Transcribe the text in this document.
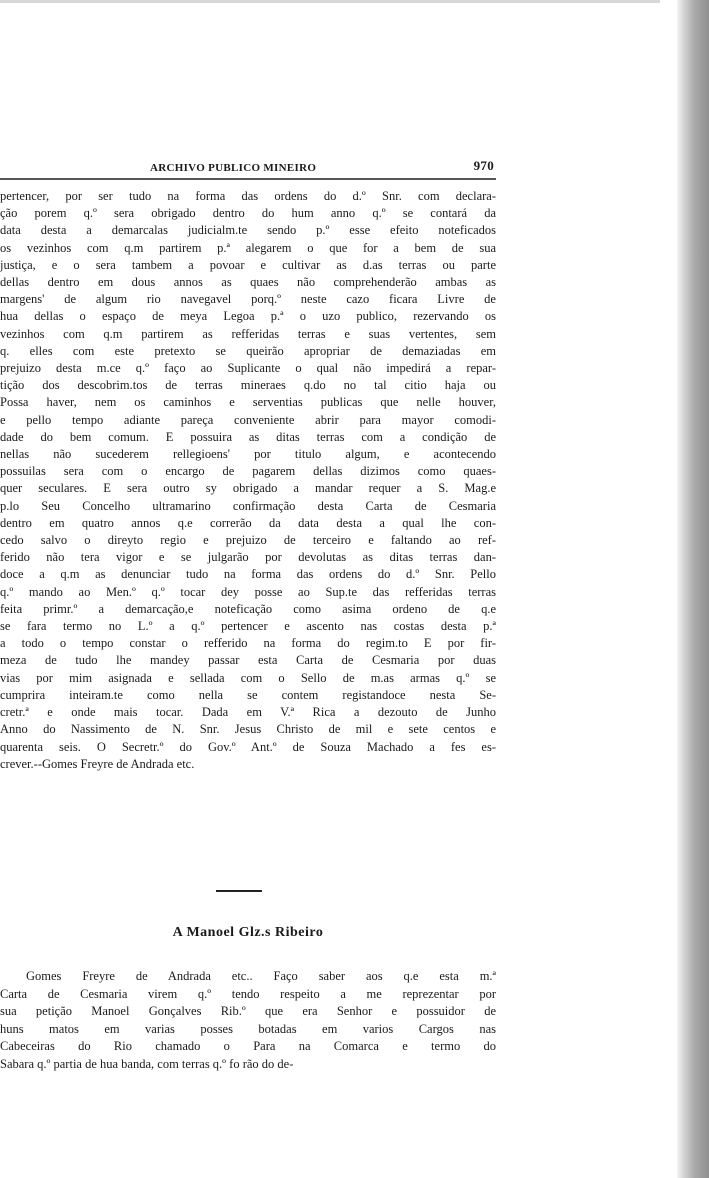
ARCHIVO PUBLICO MINEIRO	970
pertencer, por ser tudo na forma das ordens do d.º Snr. com declara-
ção porem q.º sera obrigado dentro do hum anno q.º se contará da
data desta a demarcalas judicialm.te sendo p.º esse efeito noteficados
os vezinhos com q.m partirem p.ª alegarem o que for a bem de sua
justiça, e o sera tambem a povoar e cultivar as d.as terras ou parte
dellas dentro em dous annos as quaes não comprehenderão ambas as
margens' de algum rio navegavel porq.º neste cazo ficara Livre de
hua dellas o espaço de meya Legoa p.ª o uzo publico, rezervando os
vezinhos com q.m partirem as refferidas terras e suas vertentes, sem
q. elles com este pretexto se queirão apropriar de demaziadas em
prejuizo desta m.ce q.º faço ao Suplicante o qual não impedirá a repar-
tição dos descobrim.tos de terras mineraes q.do no tal citio haja ou
Possa haver, nem os caminhos e serventias publicas que nelle houver,
e pello tempo adiante pareça conveniente abrir para mayor comodi-
dade do bem comum. E possuira as ditas terras com a condição de
nellas não sucederem rellegioens' por titulo algum, e acontecendo
possuilas sera com o encargo de pagarem dellas dizimos como quaes-
quer seculares. E sera outro sy obrigado a mandar requer a S. Mag.e
p.lo Seu Concelho ultramarino confirmação desta Carta de Cesmaria
dentro em quatro annos q.e correrão da data desta a qual lhe con-
cedo salvo o direyto regio e prejuizo de terceiro e faltando ao ref-
ferido não tera vigor e se julgarão por devolutas as ditas terras dan-
doce a q.m as denunciar tudo na forma das ordens do d.º Snr. Pello
q.º mando ao Men.º q.º tocar dey posse ao Sup.te das refferidas terras
feita primr.º a demarcação,e noteficação como asima ordeno de q.e
se fara termo no L.º a q.º pertencer e ascento nas costas desta p.ª
a todo o tempo constar o refferido na forma do regim.to E por fir-
meza de tudo lhe mandey passar esta Carta de Cesmaria por duas
vias por mim asignada e sellada com o Sello de m.as armas q.º se
cumprira inteiram.te como nella se contem registandoce nesta Se-
cretr.ª e onde mais tocar. Dada em V.ª Rica a dezouto de Junho
Anno do Nassimento de N. Snr. Jesus Christo de mil e sete centos e
quarenta seis. O Secretr.º do Gov.º Ant.º de Souza Machado a fes es-
crever.--Gomes Freyre de Andrada etc.
A Manoel Glz.s Ribeiro
Gomes Freyre de Andrada etc.. Faço saber aos q.e esta m.ª
Carta de Cesmaria virem q.º tendo respeito a me reprezentar por
sua petição Manoel Gonçalves Rib.º que era Senhor e possuidor de
huns matos em varias posses botadas em varios Cargos nas
Cabeceiras do Rio chamado o Para na Comarca e termo do
Sabara q.º partia de hua banda, com terras q.º fo rão do de-
